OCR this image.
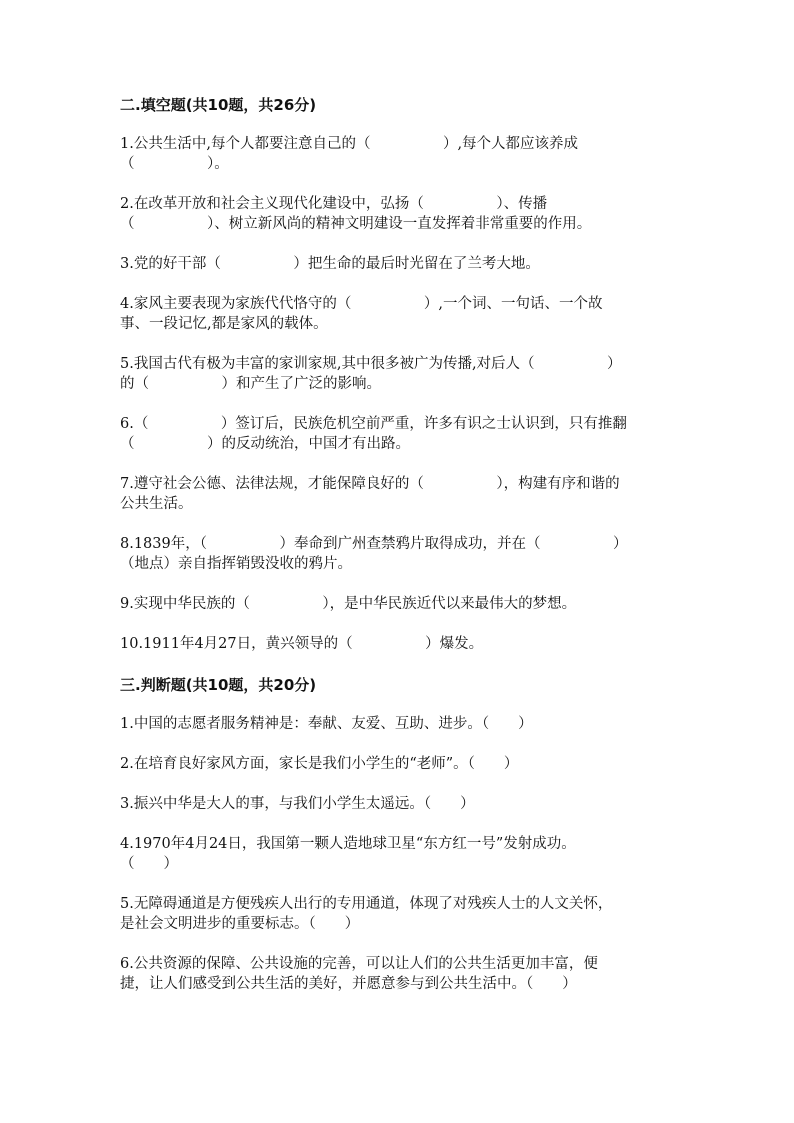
二.填空题(共10题，共26分)
1.公共生活中,每个人都要注意自己的（　　　　　）,每个人都应该养成
（　　　　　）。
2.在改革开放和社会主义现代化建设中，弘扬（　　　　　）、传播
（　　　　　）、树立新风尚的精神文明建设一直发挥着非常重要的作用。
3.党的好干部（　　　　　）把生命的最后时光留在了兰考大地。
4.家风主要表现为家族代代恪守的（　　　　　）,一个词、一句话、一个故
事、一段记忆,都是家风的载体。
5.我国古代有极为丰富的家训家规,其中很多被广为传播,对后人（　　　　　）
的（　　　　　）和产生了广泛的影响。
6.（　　　　　）签订后，民族危机空前严重，许多有识之士认识到，只有推翻
（　　　　　）的反动统治，中国才有出路。
7.遵守社会公德、法律法规，才能保障良好的（　　　　　），构建有序和谐的
公共生活。
8.1839年，（　　　　　）奉命到广州查禁鸦片取得成功，并在（　　　　　）
（地点）亲自指挥销毁没收的鸦片。
9.实现中华民族的（　　　　　），是中华民族近代以来最伟大的梦想。
10.1911年4月27日，黄兴领导的（　　　　　）爆发。
三.判断题(共10题，共20分)
1.中国的志愿者服务精神是：奉献、友爱、互助、进步。（　　）
2.在培育良好家风方面，家长是我们小学生的“老师”。（　　）
3.振兴中华是大人的事，与我们小学生太遥远。（　　）
4.1970年4月24日，我国第一颗人造地球卫星“东方红一号”发射成功。
（　　）
5.无障碍通道是方便残疾人出行的专用通道，体现了对残疾人士的人文关怀，
是社会文明进步的重要标志。（　　）
6.公共资源的保障、公共设施的完善，可以让人们的公共生活更加丰富，便
捷，让人们感受到公共生活的美好，并愿意参与到公共生活中。（　　）
